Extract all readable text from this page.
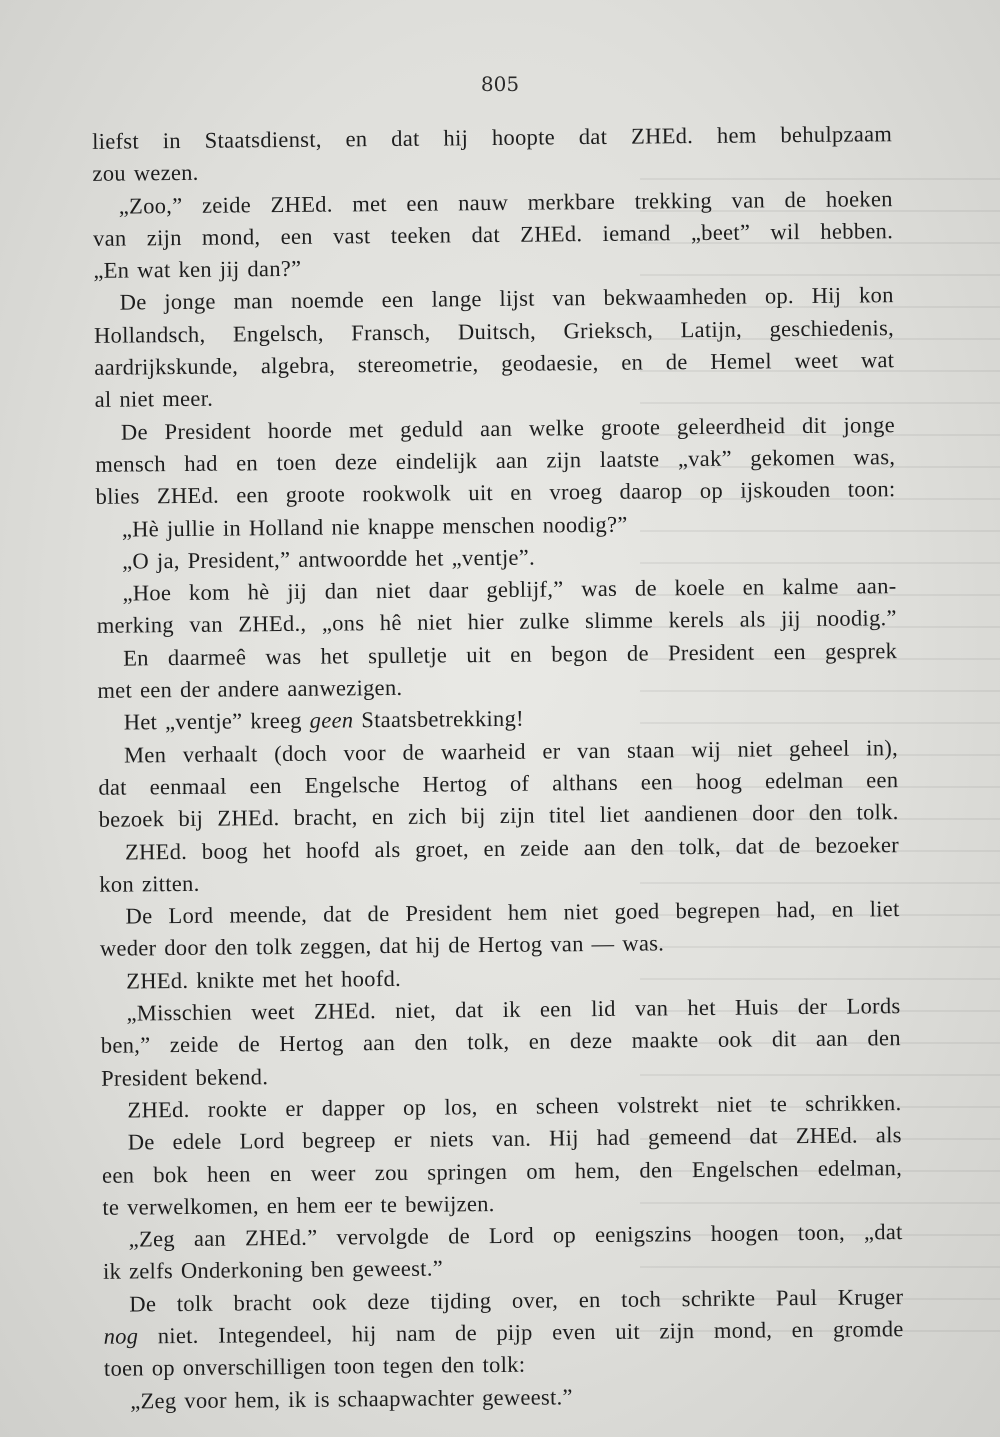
805
liefst in Staatsdienst, en dat hij hoopte dat ZHEd. hem behulpzaam
zou wezen.
„Zoo,” zeide ZHEd. met een nauw merkbare trekking van de hoeken
van zijn mond, een vast teeken dat ZHEd. iemand „beet” wil hebben.
„En wat ken jij dan?”
De jonge man noemde een lange lijst van bekwaamheden op. Hij kon
Hollandsch, Engelsch, Fransch, Duitsch, Grieksch, Latijn, geschiedenis,
aardrijkskunde, algebra, stereometrie, geodaesie, en de Hemel weet wat
al niet meer.
De President hoorde met geduld aan welke groote geleerdheid dit jonge
mensch had en toen deze eindelijk aan zijn laatste „vak” gekomen was,
blies ZHEd. een groote rookwolk uit en vroeg daarop op ijskouden toon:
„Hè jullie in Holland nie knappe menschen noodig?”
„O ja, President,” antwoordde het „ventje”.
„Hoe kom hè jij dan niet daar geblijf,” was de koele en kalme aan-
merking van ZHEd., „ons hê niet hier zulke slimme kerels als jij noodig.”
En daarmeê was het spulletje uit en begon de President een gesprek
met een der andere aanwezigen.
Het „ventje” kreeg geen Staatsbetrekking!
Men verhaalt (doch voor de waarheid er van staan wij niet geheel in),
dat eenmaal een Engelsche Hertog of althans een hoog edelman een
bezoek bij ZHEd. bracht, en zich bij zijn titel liet aandienen door den tolk.
ZHEd. boog het hoofd als groet, en zeide aan den tolk, dat de bezoeker
kon zitten.
De Lord meende, dat de President hem niet goed begrepen had, en liet
weder door den tolk zeggen, dat hij de Hertog van — was.
ZHEd. knikte met het hoofd.
„Misschien weet ZHEd. niet, dat ik een lid van het Huis der Lords
ben,” zeide de Hertog aan den tolk, en deze maakte ook dit aan den
President bekend.
ZHEd. rookte er dapper op los, en scheen volstrekt niet te schrikken.
De edele Lord begreep er niets van. Hij had gemeend dat ZHEd. als
een bok heen en weer zou springen om hem, den Engelschen edelman,
te verwelkomen, en hem eer te bewijzen.
„Zeg aan ZHEd.” vervolgde de Lord op eenigszins hoogen toon, „dat
ik zelfs Onderkoning ben geweest.”
De tolk bracht ook deze tijding over, en toch schrikte Paul Kruger
nog niet. Integendeel, hij nam de pijp even uit zijn mond, en gromde
toen op onverschilligen toon tegen den tolk:
„Zeg voor hem, ik is schaapwachter geweest.”
